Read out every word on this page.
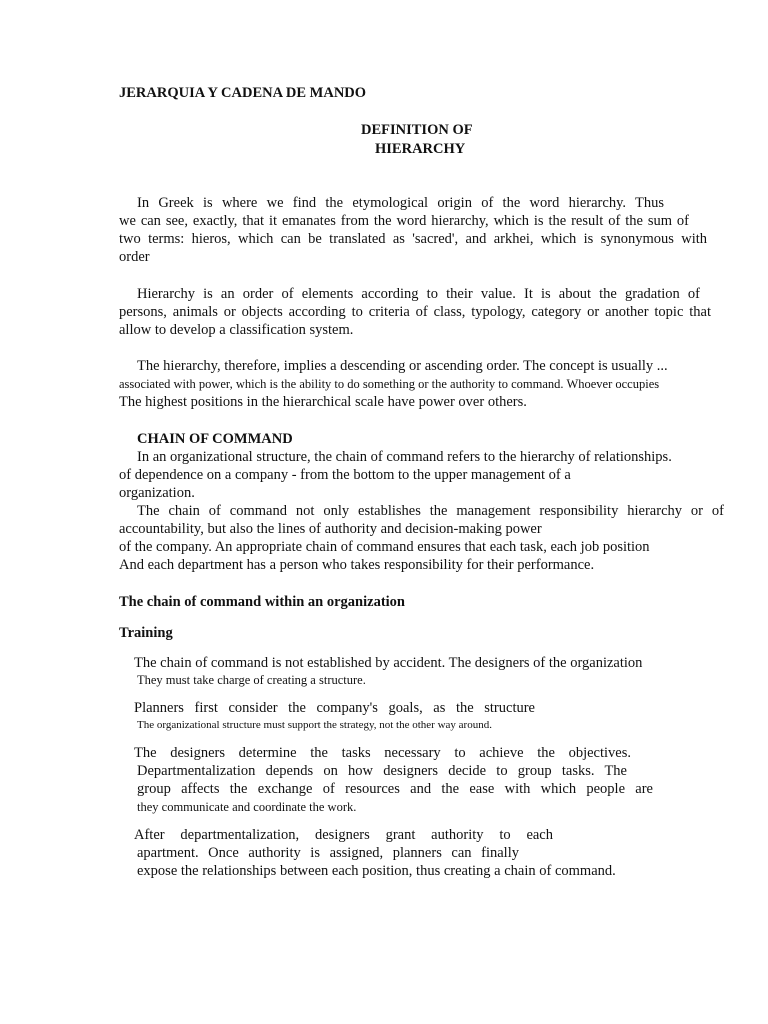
JERARQUIA Y CADENA DE MANDO
DEFINITION OF
HIERARCHY
In Greek is where we find the etymological origin of the word hierarchy. Thus
we can see, exactly, that it emanates from the word hierarchy, which is the result of the sum of
two terms: hieros, which can be translated as 'sacred', and arkhei, which is synonymous with
order
Hierarchy is an order of elements according to their value. It is about the gradation of
persons, animals or objects according to criteria of class, typology, category or another topic that
allow to develop a classification system.
The hierarchy, therefore, implies a descending or ascending order. The concept is usually ...
associated with power, which is the ability to do something or the authority to command. Whoever occupies
The highest positions in the hierarchical scale have power over others.
CHAIN OF COMMAND
In an organizational structure, the chain of command refers to the hierarchy of relationships.
of dependence on a company - from the bottom to the upper management of a
organization.
The chain of command not only establishes the management responsibility hierarchy or of
accountability, but also the lines of authority and decision-making power
of the company. An appropriate chain of command ensures that each task, each job position
And each department has a person who takes responsibility for their performance.
The chain of command within an organization
Training
The chain of command is not established by accident. The designers of the organization
They must take charge of creating a structure.
Planners first consider the company's goals, as the structure
The organizational structure must support the strategy, not the other way around.
The designers determine the tasks necessary to achieve the objectives.
Departmentalization depends on how designers decide to group tasks. The
group affects the exchange of resources and the ease with which people are
they communicate and coordinate the work.
After departmentalization, designers grant authority to each
apartment. Once authority is assigned, planners can finally
expose the relationships between each position, thus creating a chain of command.
